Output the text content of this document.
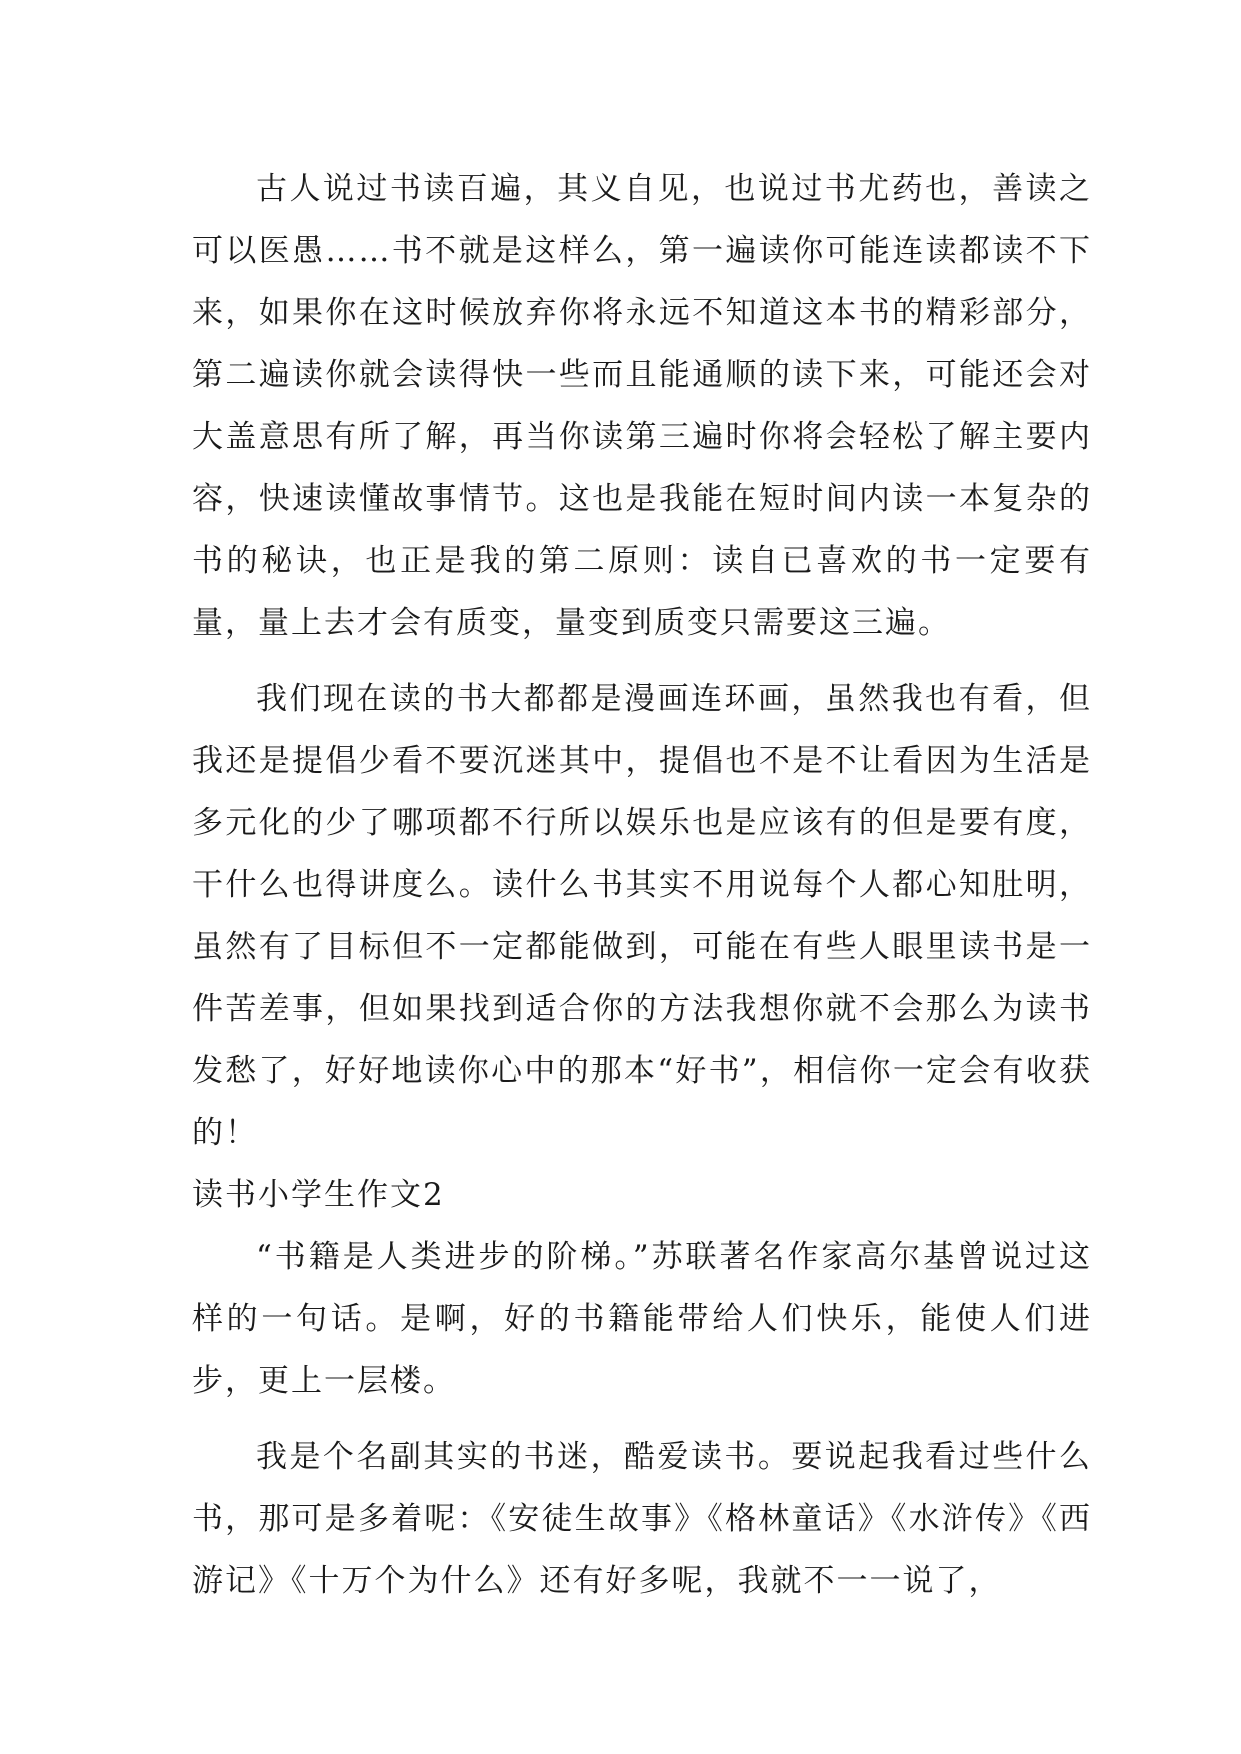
古人说过书读百遍，其义自见，也说过书尤药也，善读之可以医愚……书不就是这样么，第一遍读你可能连读都读不下来，如果你在这时候放弃你将永远不知道这本书的精彩部分，第二遍读你就会读得快一些而且能通顺的读下来，可能还会对大盖意思有所了解，再当你读第三遍时你将会轻松了解主要内容，快速读懂故事情节。这也是我能在短时间内读一本复杂的书的秘诀，也正是我的第二原则：读自已喜欢的书一定要有量，量上去才会有质变，量变到质变只需要这三遍。

我们现在读的书大都都是漫画连环画，虽然我也有看，但我还是提倡少看不要沉迷其中，提倡也不是不让看因为生活是多元化的少了哪项都不行所以娱乐也是应该有的但是要有度，干什么也得讲度么。读什么书其实不用说每个人都心知肚明，虽然有了目标但不一定都能做到，可能在有些人眼里读书是一件苦差事，但如果找到适合你的方法我想你就不会那么为读书发愁了，好好地读你心中的那本“好书”，相信你一定会有收获的！

读书小学生作文2

“书籍是人类进步的阶梯。”苏联著名作家高尔基曾说过这样的一句话。是啊，好的书籍能带给人们快乐，能使人们进步，更上一层楼。

我是个名副其实的书迷，酷爱读书。要说起我看过些什么书，那可是多着呢：《安徒生故事》《格林童话》《水浒传》《西游记》《十万个为什么》还有好多呢，我就不一一说了，
